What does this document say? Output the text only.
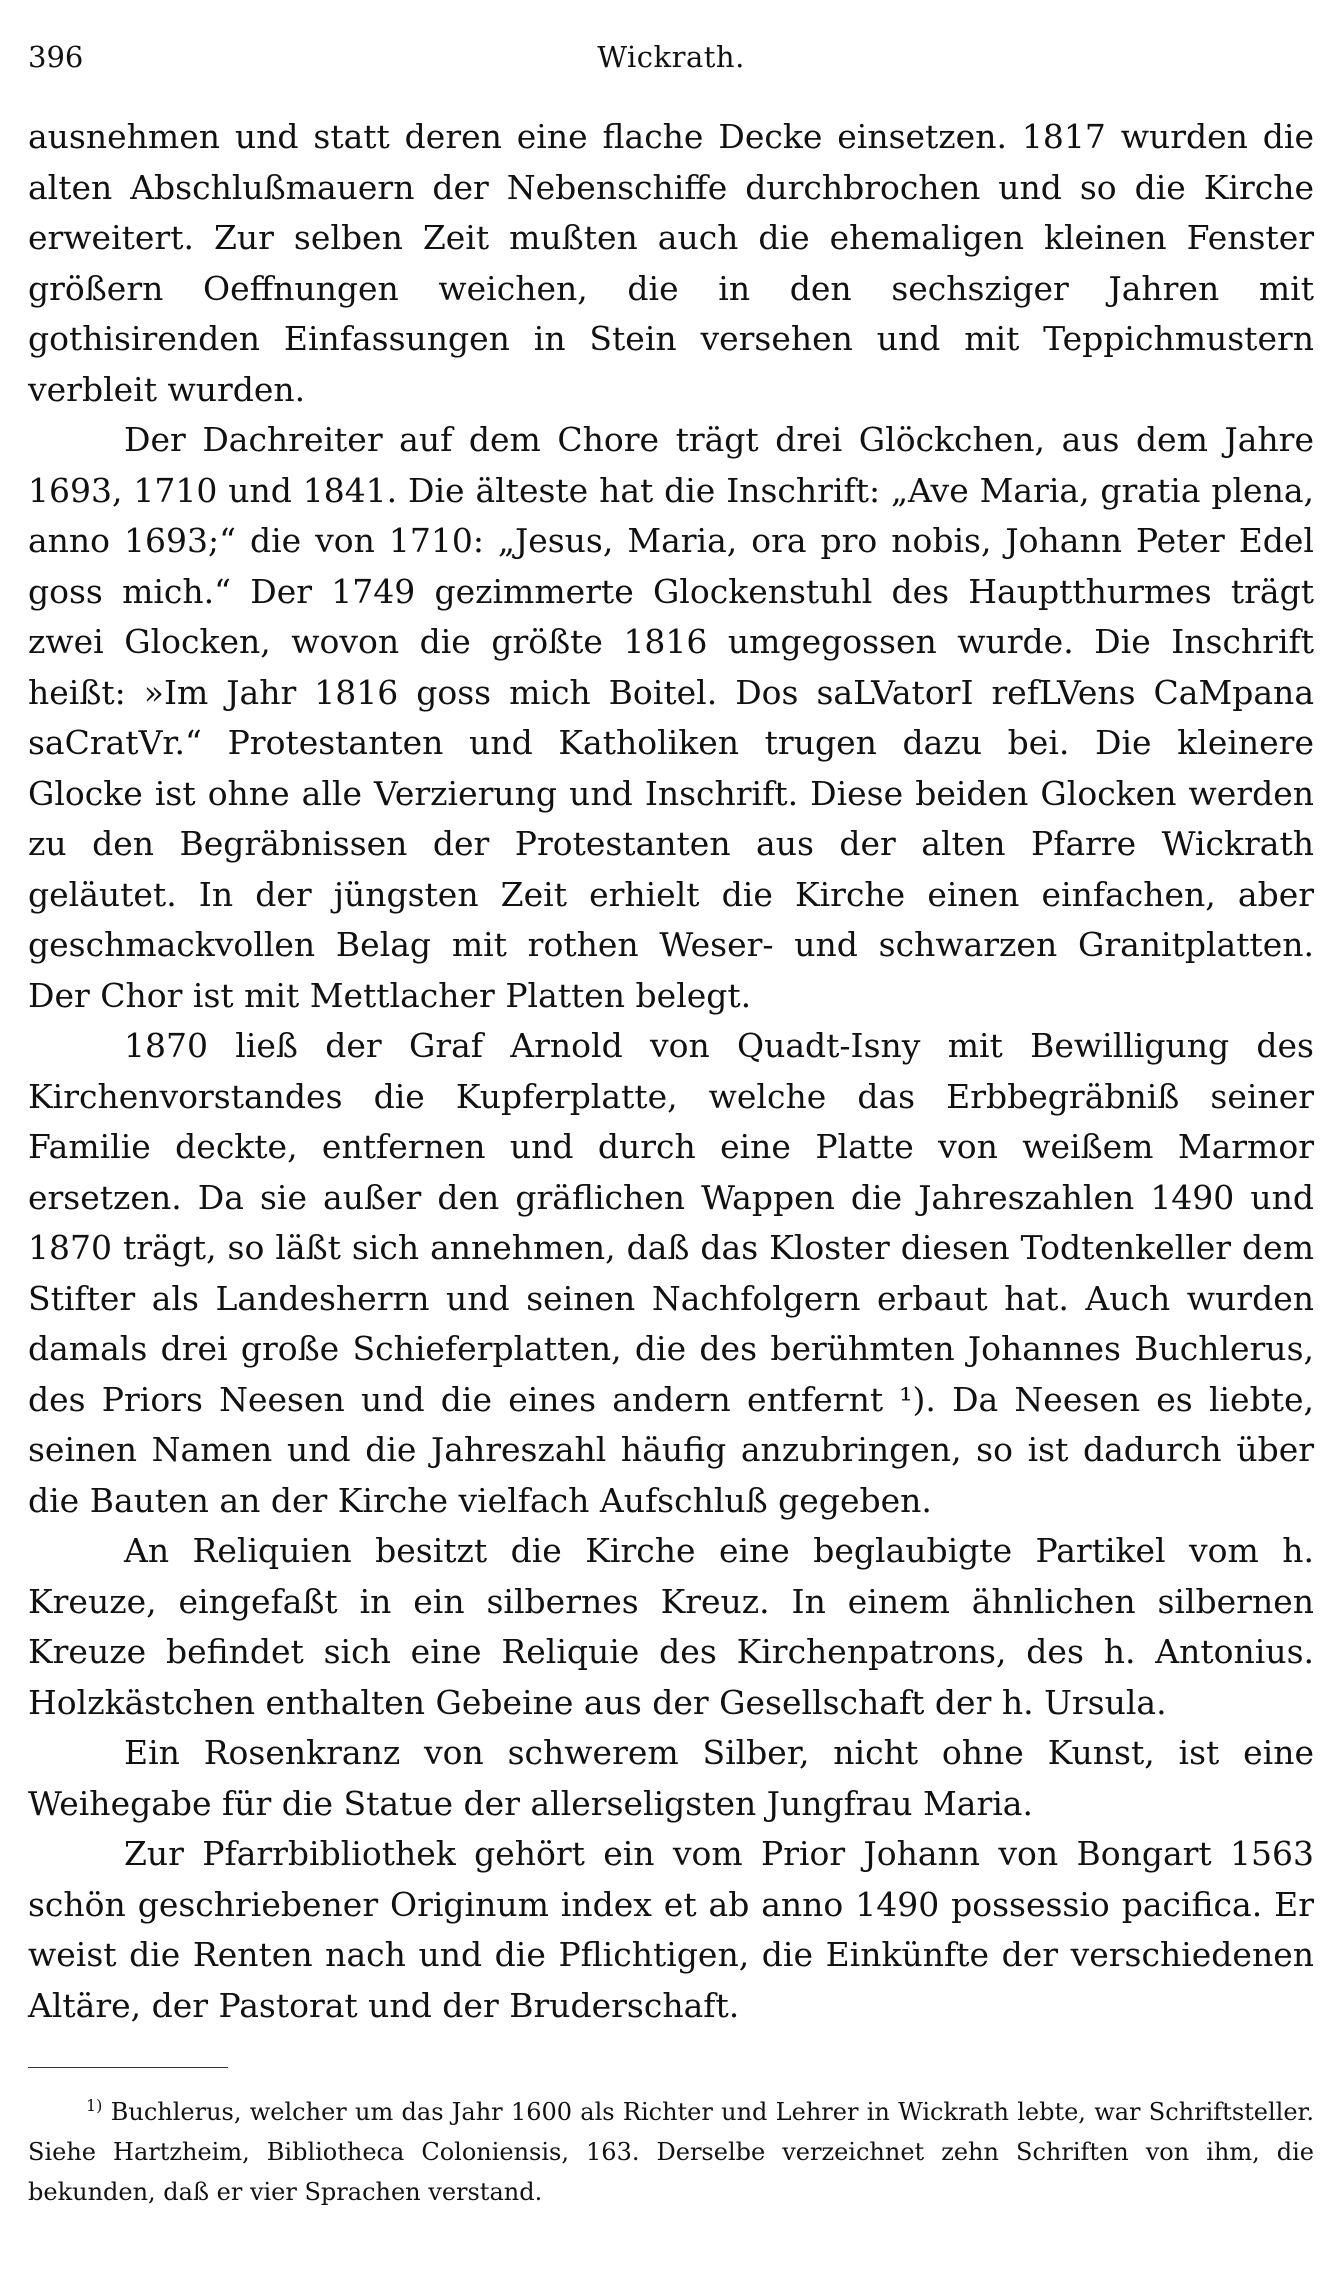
396	Wickrath.

ausnehmen und statt deren eine flache Decke einsetzen. 1817 wurden die alten Abschlußmauern der Nebenschiffe durchbrochen und so die Kirche erweitert. Zur selben Zeit mußten auch die ehemaligen kleinen Fenster größern Oeffnungen weichen, die in den sechsziger Jahren mit gothisirenden Einfassungen in Stein versehen und mit Teppichmustern verbleit wurden.

Der Dachreiter auf dem Chore trägt drei Glöckchen, aus dem Jahre 1693, 1710 und 1841. Die älteste hat die Inschrift: „Ave Maria, gratia plena, anno 1693;“ die von 1710: „Jesus, Maria, ora pro nobis, Johann Peter Edel goss mich.“ Der 1749 gezimmerte Glockenstuhl des Hauptthurmes trägt zwei Glocken, wovon die größte 1816 umgegossen wurde. Die Inschrift heißt: »Im Jahr 1816 goss mich Boitel. Dos saLVatorI refLVens CaMpana saCratVr.“ Protestanten und Katholiken trugen dazu bei. Die kleinere Glocke ist ohne alle Verzierung und Inschrift. Diese beiden Glocken werden zu den Begräbnissen der Protestanten aus der alten Pfarre Wickrath geläutet. In der jüngsten Zeit erhielt die Kirche einen einfachen, aber geschmackvollen Belag mit rothen Weser- und schwarzen Granitplatten. Der Chor ist mit Mettlacher Platten belegt.

1870 ließ der Graf Arnold von Quadt-Isny mit Bewilligung des Kirchenvorstandes die Kupferplatte, welche das Erbbegräbniß seiner Familie deckte, entfernen und durch eine Platte von weißem Marmor ersetzen. Da sie außer den gräflichen Wappen die Jahreszahlen 1490 und 1870 trägt, so läßt sich annehmen, daß das Kloster diesen Todtenkeller dem Stifter als Landesherrn und seinen Nachfolgern erbaut hat. Auch wurden damals drei große Schieferplatten, die des berühmten Johannes Buchlerus, des Priors Neesen und die eines andern entfernt ¹). Da Neesen es liebte, seinen Namen und die Jahreszahl häufig anzubringen, so ist dadurch über die Bauten an der Kirche vielfach Aufschluß gegeben.

An Reliquien besitzt die Kirche eine beglaubigte Partikel vom h. Kreuze, eingefaßt in ein silbernes Kreuz. In einem ähnlichen silbernen Kreuze befindet sich eine Reliquie des Kirchenpatrons, des h. Antonius. Holzkästchen enthalten Gebeine aus der Gesellschaft der h. Ursula.

Ein Rosenkranz von schwerem Silber, nicht ohne Kunst, ist eine Weihegabe für die Statue der allerseligsten Jungfrau Maria.

Zur Pfarrbibliothek gehört ein vom Prior Johann von Bongart 1563 schön geschriebener Originum index et ab anno 1490 possessio pacifica. Er weist die Renten nach und die Pflichtigen, die Einkünfte der verschiedenen Altäre, der Pastorat und der Bruderschaft.

$^{1)}$ Buchlerus, welcher um das Jahr 1600 als Richter und Lehrer in Wickrath lebte, war Schriftsteller. Siehe Hartzheim, Bibliotheca Coloniensis, 163. Derselbe verzeichnet zehn Schriften von ihm, die bekunden, daß er vier Sprachen verstand.
